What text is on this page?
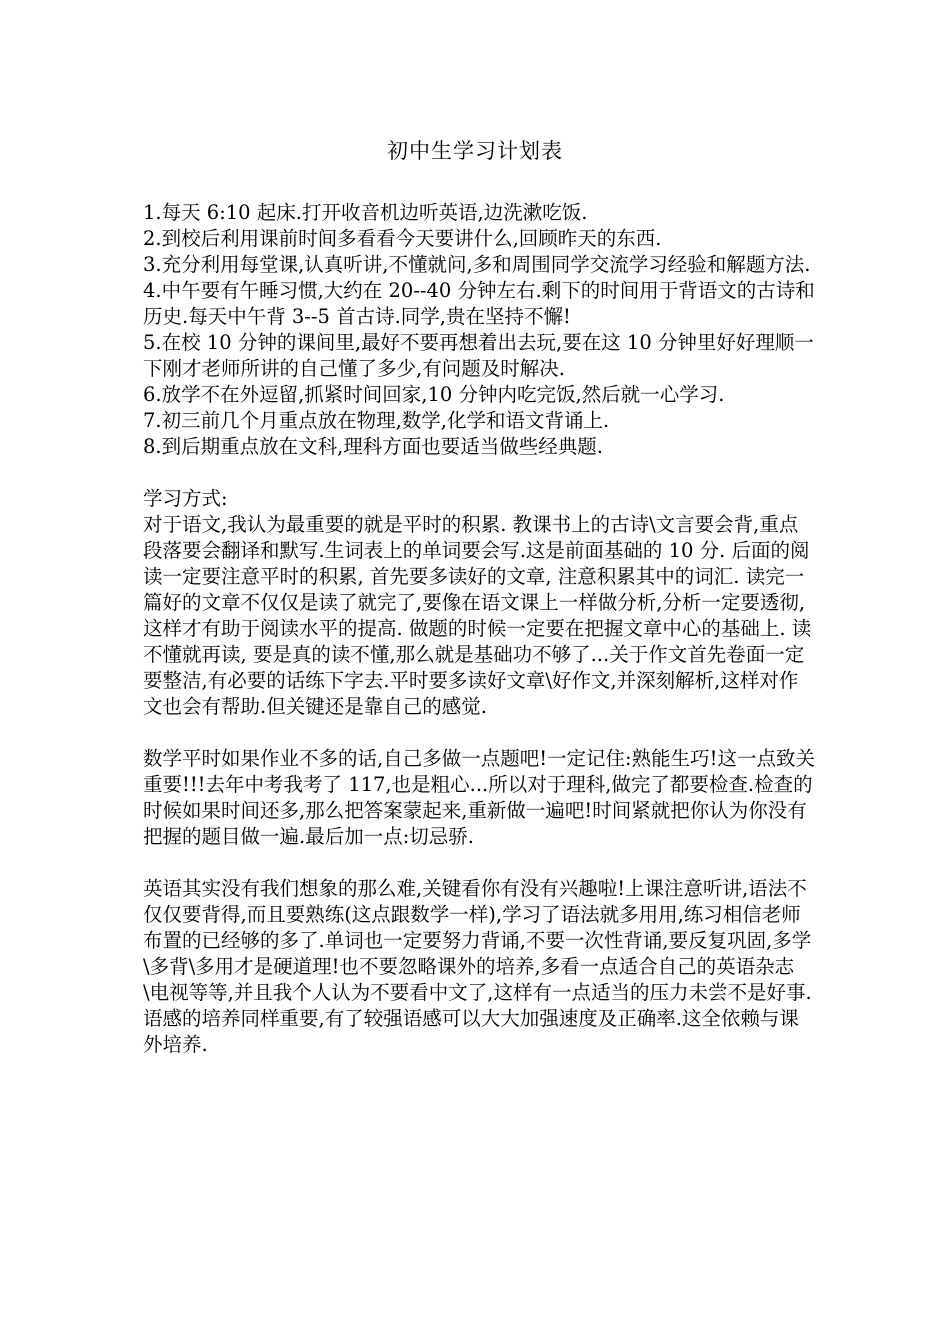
初中生学习计划表

1.每天 6:10 起床.打开收音机边听英语,边洗漱吃饭.

2.到校后利用课前时间多看看今天要讲什么,回顾昨天的东西.

3.充分利用每堂课,认真听讲,不懂就问,多和周围同学交流学习经验和解题方法.

4.中午要有午睡习惯,大约在 20--40 分钟左右.剩下的时间用于背语文的古诗和历史.每天中午背 3--5 首古诗.同学,贵在坚持不懈!

5.在校 10 分钟的课间里,最好不要再想着出去玩,要在这 10 分钟里好好理顺一下刚才老师所讲的自己懂了多少,有问题及时解决.

6.放学不在外逗留,抓紧时间回家,10 分钟内吃完饭,然后就一心学习.

7.初三前几个月重点放在物理,数学,化学和语文背诵上.

8.到后期重点放在文科,理科方面也要适当做些经典题.

学习方式:

对于语文,我认为最重要的就是平时的积累. 教课书上的古诗\文言要会背,重点段落要会翻译和默写.生词表上的单词要会写.这是前面基础的 10 分. 后面的阅读一定要注意平时的积累, 首先要多读好的文章, 注意积累其中的词汇. 读完一篇好的文章不仅仅是读了就完了,要像在语文课上一样做分析,分析一定要透彻,这样才有助于阅读水平的提高. 做题的时候一定要在把握文章中心的基础上. 读不懂就再读, 要是真的读不懂,那么就是基础功不够了...关于作文首先卷面一定要整洁,有必要的话练下字去.平时要多读好文章\好作文,并深刻解析,这样对作文也会有帮助.但关键还是靠自己的感觉.

数学平时如果作业不多的话,自己多做一点题吧!一定记住:熟能生巧!这一点致关重要!!!去年中考我考了 117,也是粗心...所以对于理科,做完了都要检查.检查的时候如果时间还多,那么把答案蒙起来,重新做一遍吧!时间紧就把你认为你没有把握的题目做一遍.最后加一点:切忌骄.

英语其实没有我们想象的那么难,关键看你有没有兴趣啦!上课注意听讲,语法不仅仅要背得,而且要熟练(这点跟数学一样),学习了语法就多用用,练习相信老师布置的已经够的多了.单词也一定要努力背诵,不要一次性背诵,要反复巩固,多学\多背\多用才是硬道理!也不要忽略课外的培养,多看一点适合自己的英语杂志\电视等等,并且我个人认为不要看中文了,这样有一点适当的压力未尝不是好事.语感的培养同样重要,有了较强语感可以大大加强速度及正确率.这全依赖与课外培养.
